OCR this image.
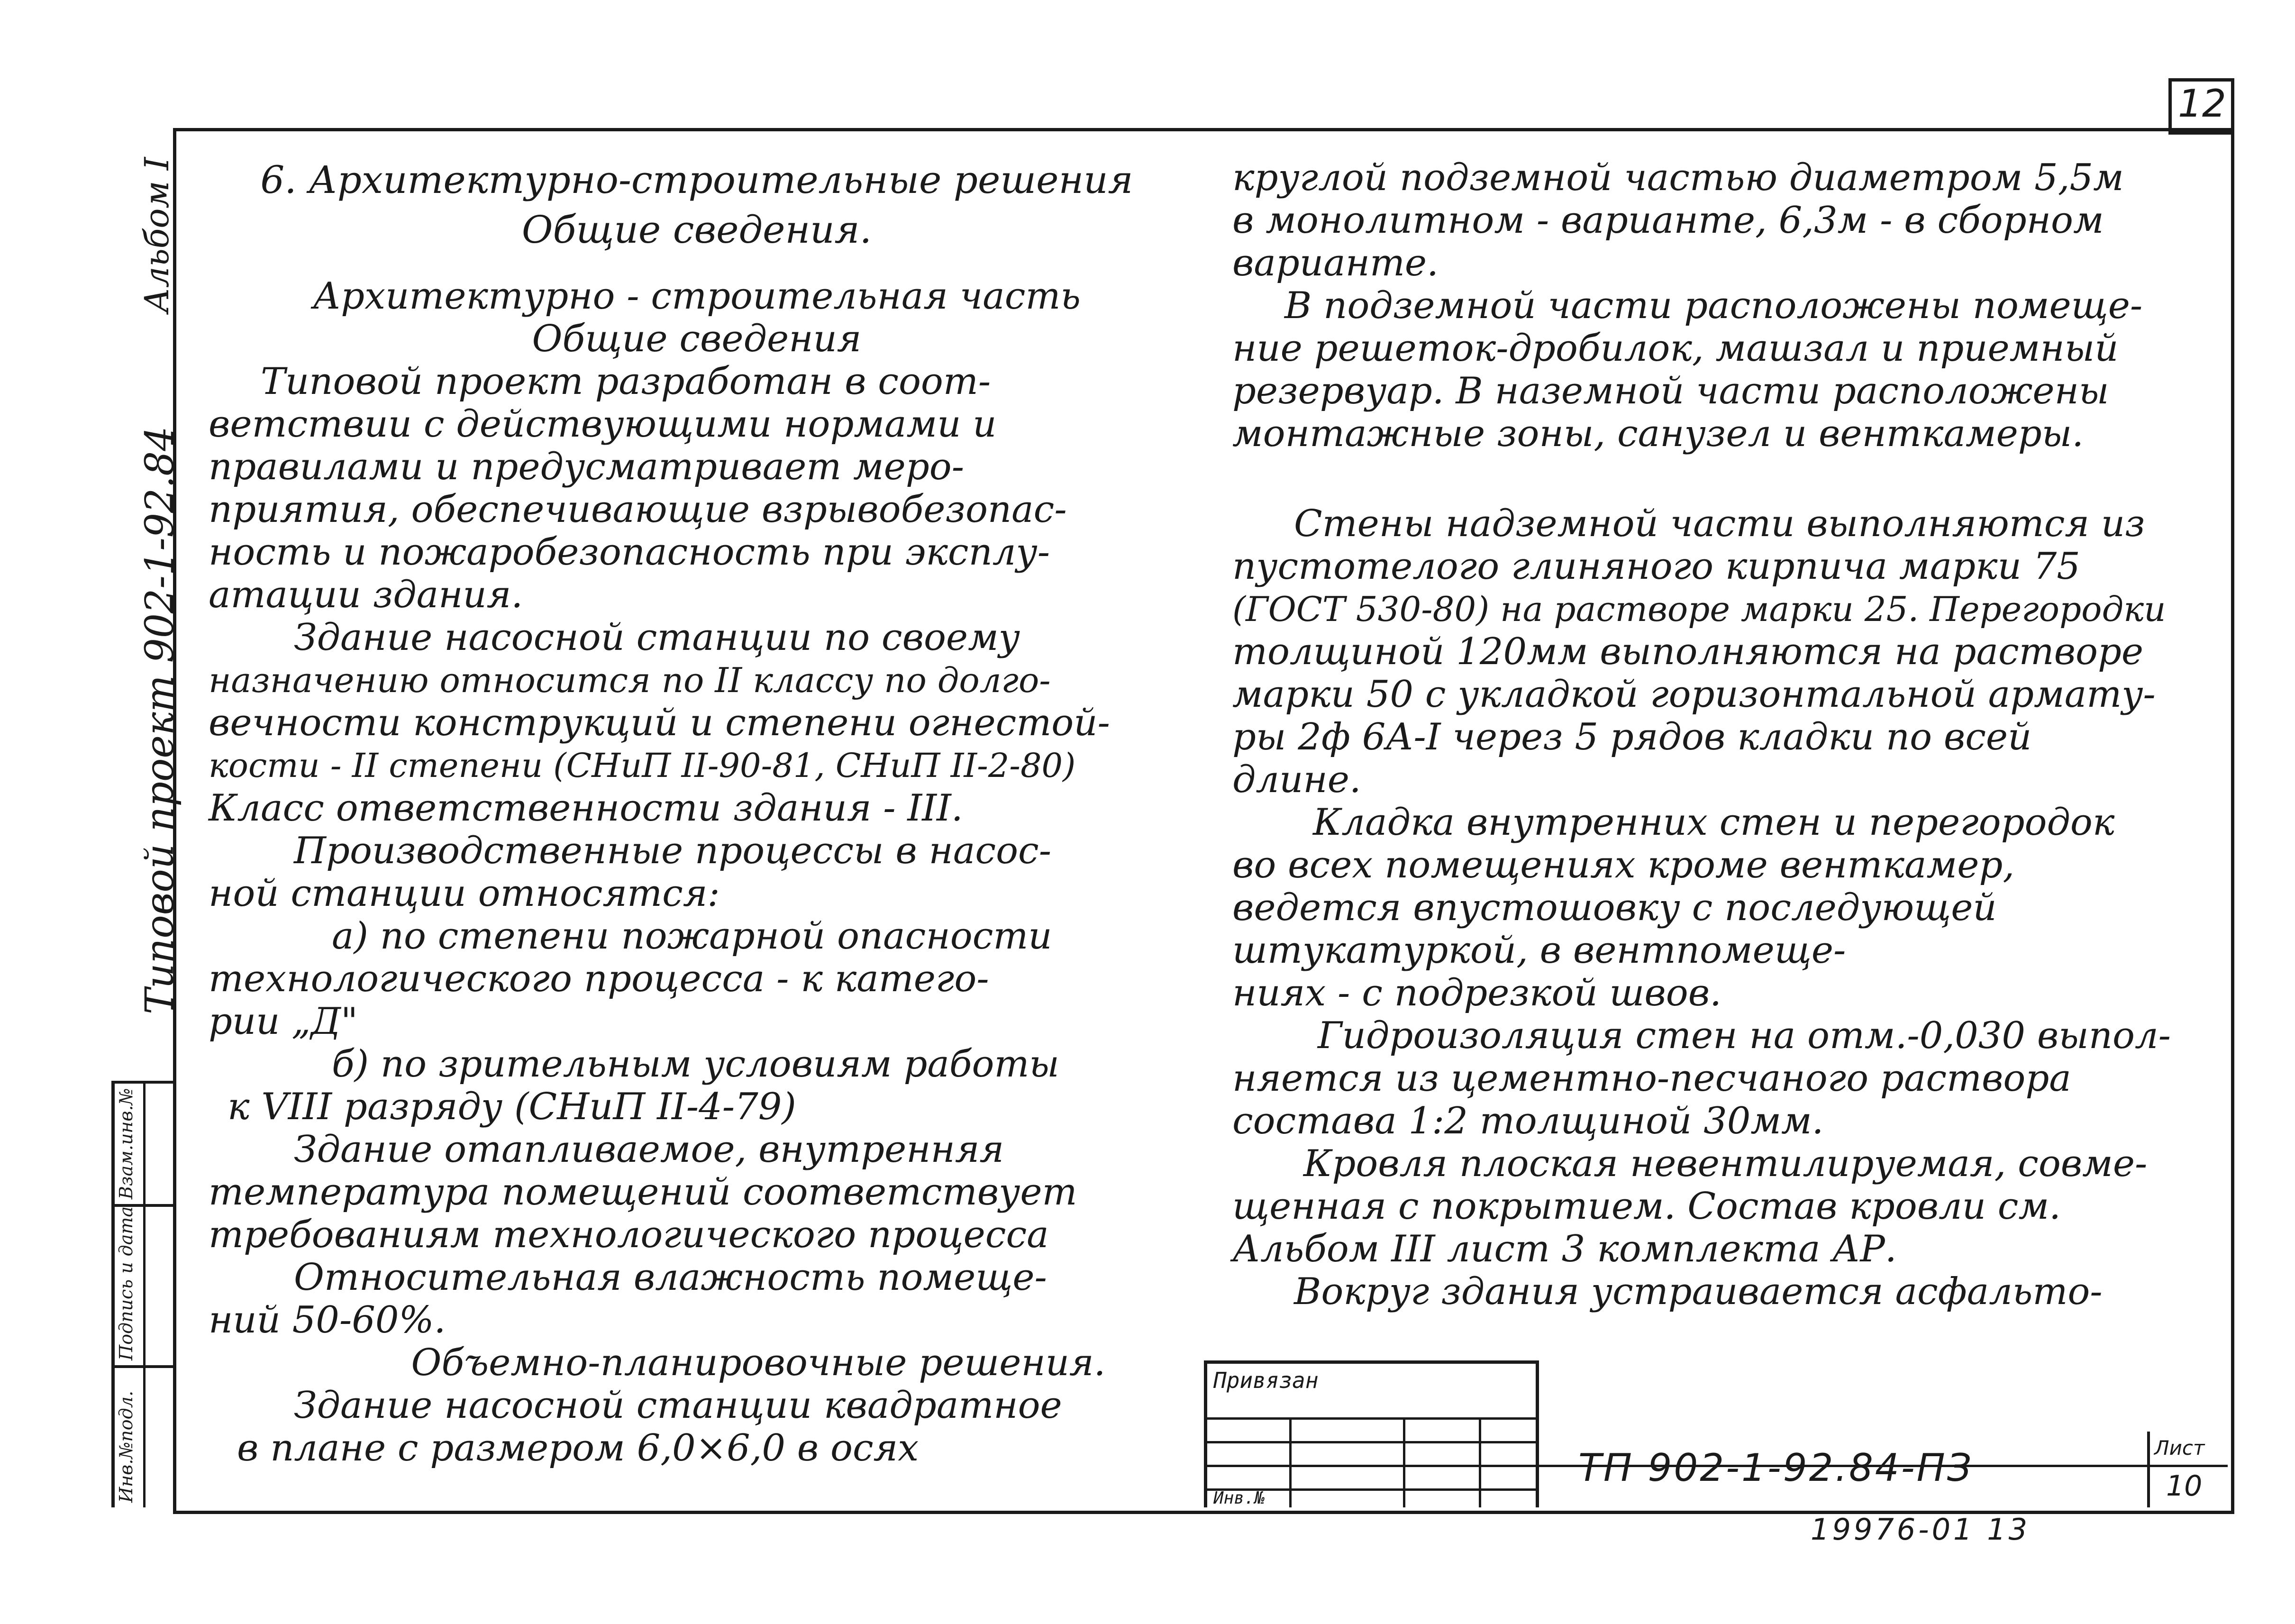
12
Альбом I
Типовой проект 902-1-92.84
Инв.№подл.
Подпись и дата
Взам.инв.№

6. Архитектурно-строительные решения

Общие сведения.

Архитектурно - строительная часть

Общие сведения

Типовой проект разработан в соот-

ветствии с действующими нормами и

правилами и предусматривает меро-

приятия, обеспечивающие взрывобезопас-

ность и пожаробезопасность при эксплу-

атации здания.

Здание насосной станции по своему

назначению относится по II классу по долго-

вечности конструкций и степени огнестой-

кости - II степени (СНиП II-90-81, СНиП II-2-80)

Класс ответственности здания - III.

Производственные процессы в насос-

ной станции относятся:

а) по степени пожарной опасности

технологического процесса - к катего-

рии „Д"

б) по зрительным условиям работы

к VIII разряду (СНиП II-4-79)

Здание отапливаемое, внутренняя

температура помещений соответствует

требованиям технологического процесса

Относительная влажность помеще-

ний 50-60%.

Объемно-планировочные решения.

Здание насосной станции квадратное

в плане с размером 6,0×6,0 в осях

круглой подземной частью диаметром 5,5м

в монолитном - варианте, 6,3м - в сборном

варианте.

В подземной части расположены помеще-

ние решеток-дробилок, машзал и приемный

резервуар. В наземной части расположены

монтажные зоны, санузел и венткамеры.

Стены надземной части выполняются из

пустотелого глиняного кирпича марки 75

(ГОСТ 530-80) на растворе марки 25. Перегородки

толщиной 120мм выполняются на растворе

марки 50 с укладкой горизонтальной армату-

ры 2ф 6А-I через 5 рядов кладки по всей

длине.

Кладка внутренних стен и перегородок

во всех помещениях кроме венткамер,

ведется впустошовку с последующей

штукатуркой, в вентпомеще-

ниях - с подрезкой швов.

Гидроизоляция стен на отм.-0,030 выпол-

няется из цементно-песчаного раствора

состава 1:2 толщиной 30мм.

Кровля плоская невентилируемая, совме-

щенная с покрытием. Состав кровли см.

Альбом III лист 3 комплекта АР.

Вокруг здания устраивается асфальто-

Привязан
Инв.№
ТП 902-1-92.84-ПЗ	Лист
10
19976-01 13
